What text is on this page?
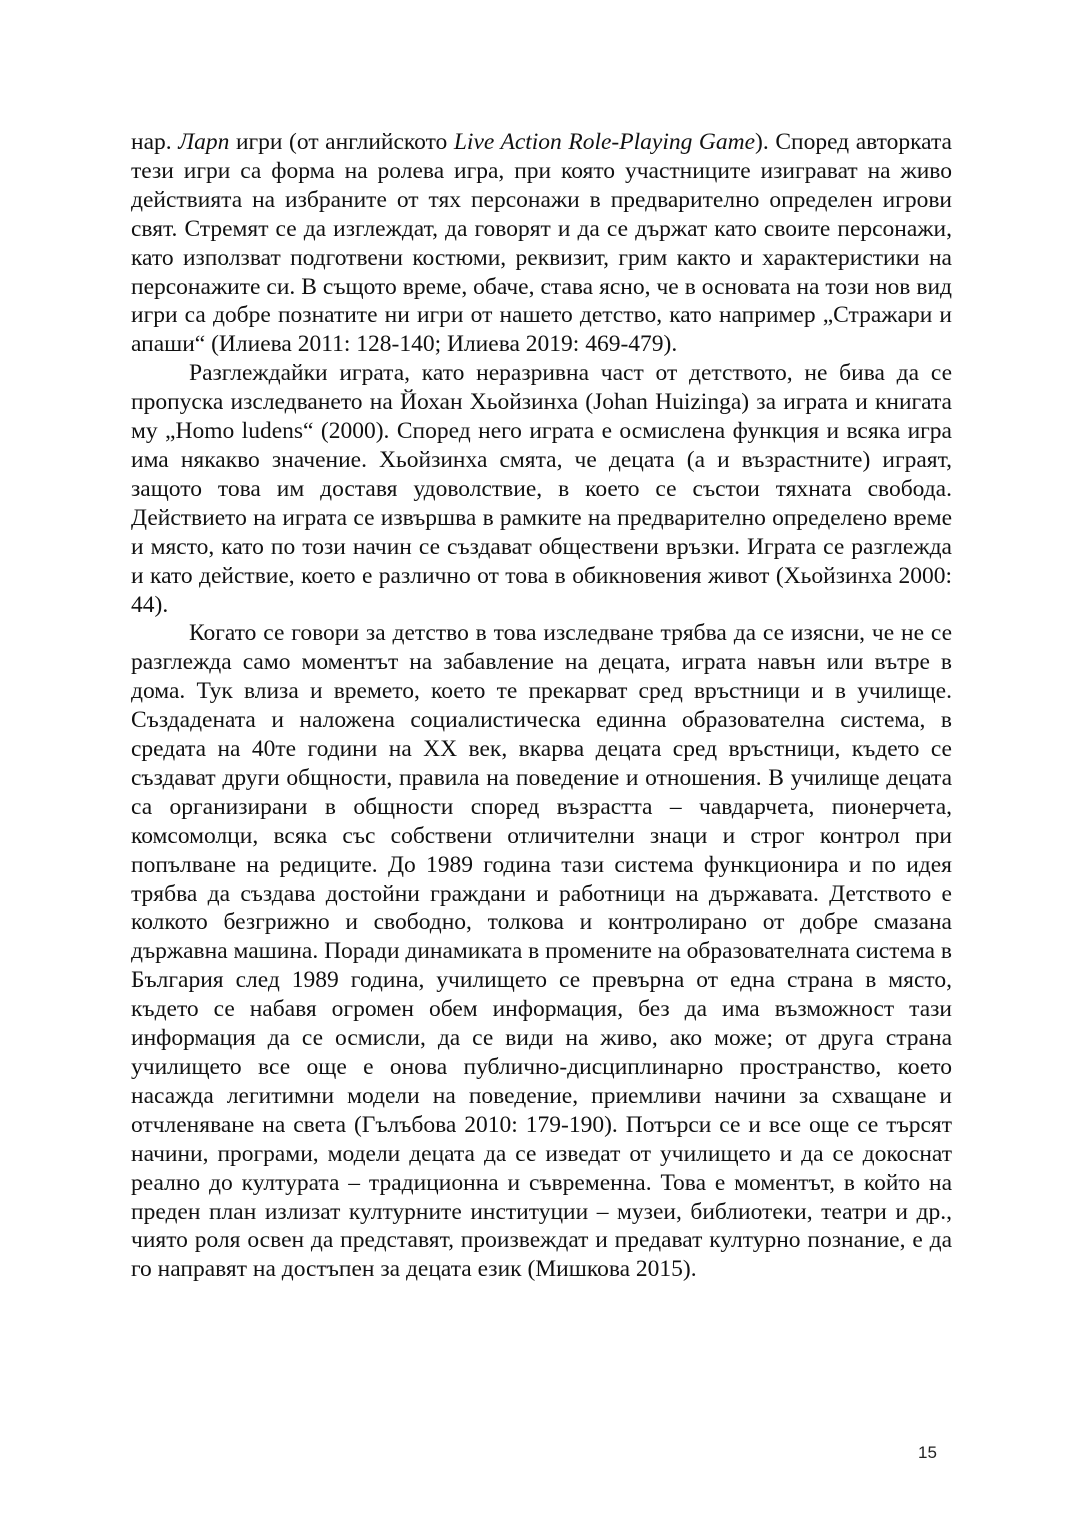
нар. Ларп игри (от английското Live Action Role-Playing Game). Според авторката тези игри са форма на ролева игра, при която участниците изиграват на живо действията на избраните от тях персонажи в предварително определен игрови свят. Стремят се да изглеждат, да говорят и да се държат като своите персонажи, като използват подготвени костюми, реквизит, грим както и характеристики на персонажите си. В същото време, обаче, става ясно, че в основата на този нов вид игри са добре познатите ни игри от нашето детство, като например „Стражари и апаши“ (Илиева 2011: 128-140; Илиева 2019: 469-479).

Разглеждайки играта, като неразривна част от детството, не бива да се пропуска изследването на Йохан Хьойзинха (Johan Huizinga) за играта и книгата му „Homo ludens“ (2000). Според него играта е осмислена функция и всяка игра има някакво значение. Хьойзинха смята, че децата (а и възрастните) играят, защото това им доставя удоволствие, в което се състои тяхната свобода. Действието на играта се извършва в рамките на предварително определено време и място, като по този начин се създават обществени връзки. Играта се разглежда и като действие, което е различно от това в обикновения живот (Хьойзинха 2000: 44).

Когато се говори за детство в това изследване трябва да се изясни, че не се разглежда само моментът на забавление на децата, играта навън или вътре в дома. Тук влиза и времето, което те прекарват сред връстници и в училище. Създадената и наложена социалистическа единна образователна система, в средата на 40те години на XX век, вкарва децата сред връстници, където се създават други общности, правила на поведение и отношения. В училище децата са организирани в общности според възрастта – чавдарчета, пионерчета, комсомолци, всяка със собствени отличителни знаци и строг контрол при попълване на редиците. До 1989 година тази система функционира и по идея трябва да създава достойни граждани и работници на държавата. Детството е колкото безгрижно и свободно, толкова и контролирано от добре смазана държавна машина. Поради динамиката в промените на образователната система в България след 1989 година, училището се превърна от една страна в място, където се набавя огромен обем информация, без да има възможност тази информация да се осмисли, да се види на живо, ако може; от друга страна училището все още е онова публично-дисциплинарно пространство, което насажда легитимни модели на поведение, приемливи начини за схващане и отчленяване на света (Гълъбова 2010: 179-190). Потърси се и все още се търсят начини, програми, модели децата да се изведат от училището и да се докоснат реално до културата – традиционна и съвременна. Това е моментът, в който на преден план излизат културните институции – музеи, библиотеки, театри и др., чиято роля освен да представят, произвеждат и предават културно познание, е да го направят на достъпен за децата език (Мишкова 2015).

15
